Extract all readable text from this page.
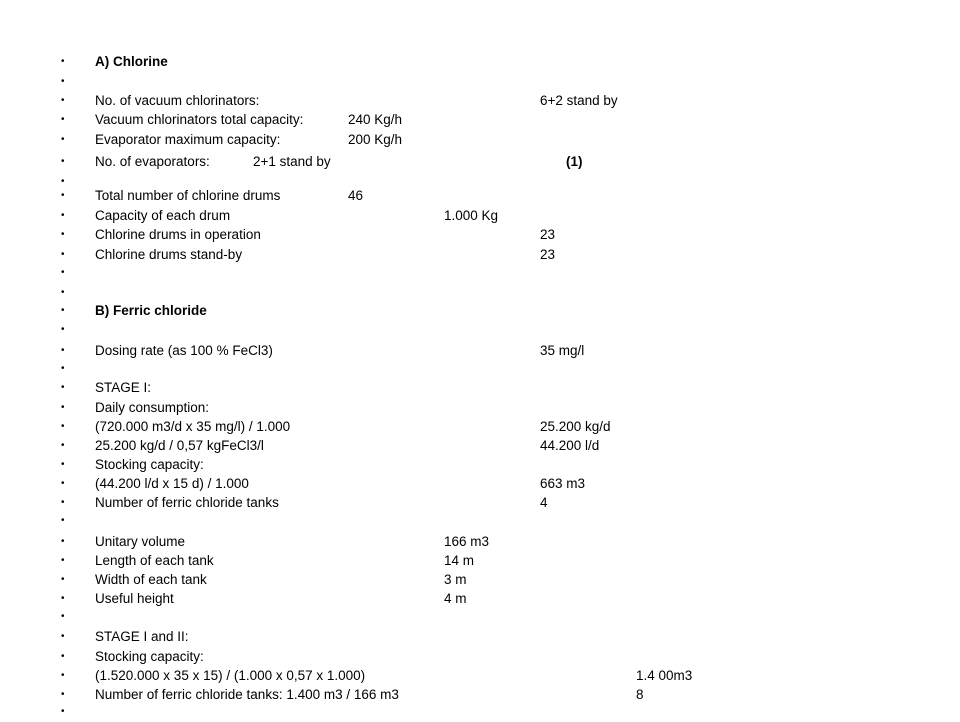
• A) Chlorine
•
• No. of vacuum chlorinators:	6+2 stand by
• Vacuum chlorinators total capacity:	240 Kg/h
• Evaporator maximum capacity:	200 Kg/h
• No. of evaporators:	2+1 stand by	(1)
•
• Total number of chlorine drums	46
• Capacity of each drum	1.000 Kg
• Chlorine drums in operation	23
• Chlorine drums stand-by	23
•
•
• B) Ferric chloride
•
• Dosing rate (as 100 % FeCl3)	35 mg/l
•
• STAGE I:
• Daily consumption:
• (720.000 m3/d x 35 mg/l) / 1.000	25.200 kg/d
• 25.200 kg/d / 0,57 kgFeCl3/l	44.200 l/d
• Stocking capacity:
• (44.200 l/d x 15 d) / 1.000	663 m3
• Number of ferric chloride tanks	4
•
• Unitary volume	166 m3
• Length of each tank	14 m
• Width of each tank	3 m
• Useful height	4 m
•
• STAGE I and II:
• Stocking capacity:
• (1.520.000 x 35 x 15) / (1.000 x 0,57 x 1.000)	1.4 00m3
• Number of ferric chloride tanks: 1.400 m3 / 166 m3	8
•
